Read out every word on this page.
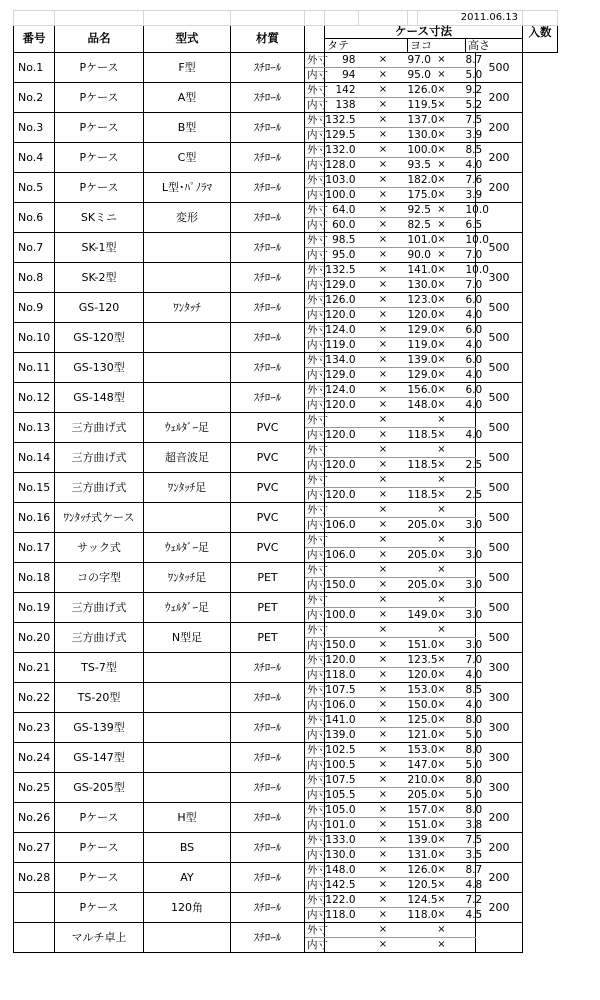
								2011.06.13			
番号	品名	型式	材質		ケース寸法						入数
					タテ		ヨコ		高さ		
No.1	Pケース	F型	ｽﾁﾛｰﾙ	外寸	98	×	97.0	×	8.7	500	
				内寸	94	×	95.0	×	5.0		
No.2	Pケース	A型	ｽﾁﾛｰﾙ	外寸	142	×	126.0	×	9.2	200	
				内寸	138	×	119.5	×	5.2		
No.3	Pケース	B型	ｽﾁﾛｰﾙ	外寸	132.5	×	137.0	×	7.5	200	
				内寸	129.5	×	130.0	×	3.9		
No.4	Pケース	C型	ｽﾁﾛｰﾙ	外寸	132.0	×	100.0	×	8.5	200	
				内寸	128.0	×	93.5	×	4.0		
No.5	Pケース	L型･ﾊﾟﾉﾗﾏ	ｽﾁﾛｰﾙ	外寸	103.0	×	182.0	×	7.6	200	
				内寸	100.0	×	175.0	×	3.9		
No.6	SKミニ	変形	ｽﾁﾛｰﾙ	外寸	64.0	×	92.5	×	10.0		
				内寸	60.0	×	82.5	×	6.5		
No.7	SK-1型		ｽﾁﾛｰﾙ	外寸	98.5	×	101.0	×	10.0	500	
				内寸	95.0	×	90.0	×	7.0		
No.8	SK-2型		ｽﾁﾛｰﾙ	外寸	132.5	×	141.0	×	10.0	300	
				内寸	129.0	×	130.0	×	7.0		
No.9	GS-120	ﾜﾝﾀｯﾁ	ｽﾁﾛｰﾙ	外寸	126.0	×	123.0	×	6.0	500	
				内寸	120.0	×	120.0	×	4.0		
No.10	GS-120型		ｽﾁﾛｰﾙ	外寸	124.0	×	129.0	×	6.0	500	
				内寸	119.0	×	119.0	×	4.0		
No.11	GS-130型		ｽﾁﾛｰﾙ	外寸	134.0	×	139.0	×	6.0	500	
				内寸	129.0	×	129.0	×	4.0		
No.12	GS-148型		ｽﾁﾛｰﾙ	外寸	124.0	×	156.0	×	6.0	500	
				内寸	120.0	×	148.0	×	4.0		
No.13	三方曲げ式	ｳｪﾙﾀﾞｰ足	PVC	外寸		×		×		500	
				内寸	120.0	×	118.5	×	4.0		
No.14	三方曲げ式	超音波足	PVC	外寸		×		×		500	
				内寸	120.0	×	118.5	×	2.5		
No.15	三方曲げ式	ﾜﾝﾀｯﾁ足	PVC	外寸		×		×		500	
				内寸	120.0	×	118.5	×	2.5		
No.16	ﾜﾝﾀｯﾁ式ケース		PVC	外寸		×		×		500	
				内寸	106.0	×	205.0	×	3.0		
No.17	サック式	ｳｪﾙﾀﾞｰ足	PVC	外寸		×		×		500	
				内寸	106.0	×	205.0	×	3.0		
No.18	コの字型	ﾜﾝﾀｯﾁ足	PET	外寸		×		×		500	
				内寸	150.0	×	205.0	×	3.0		
No.19	三方曲げ式	ｳｪﾙﾀﾞｰ足	PET	外寸		×		×		500	
				内寸	100.0	×	149.0	×	3.0		
No.20	三方曲げ式	N型足	PET	外寸		×		×		500	
				内寸	150.0	×	151.0	×	3.0		
No.21	TS-7型		ｽﾁﾛｰﾙ	外寸	120.0	×	123.5	×	7.0	300	
				内寸	118.0	×	120.0	×	4.0		
No.22	TS-20型		ｽﾁﾛｰﾙ	外寸	107.5	×	153.0	×	8.5	300	
				内寸	106.0	×	150.0	×	4.0		
No.23	GS-139型		ｽﾁﾛｰﾙ	外寸	141.0	×	125.0	×	8.0	300	
				内寸	139.0	×	121.0	×	5.0		
No.24	GS-147型		ｽﾁﾛｰﾙ	外寸	102.5	×	153.0	×	8.0	300	
				内寸	100.5	×	147.0	×	5.0		
No.25	GS-205型		ｽﾁﾛｰﾙ	外寸	107.5	×	210.0	×	8.0	300	
				内寸	105.5	×	205.0	×	5.0		
No.26	Pケース	H型	ｽﾁﾛｰﾙ	外寸	105.0	×	157.0	×	8.0	200	
				内寸	101.0	×	151.0	×	3.8		
No.27	Pケース	BS	ｽﾁﾛｰﾙ	外寸	133.0	×	139.0	×	7.5	200	
				内寸	130.0	×	131.0	×	3.5		
No.28	Pケース	AY	ｽﾁﾛｰﾙ	外寸	148.0	×	126.0	×	8.7	200	
				内寸	142.5	×	120.5	×	4.8		
	Pケース	120角	ｽﾁﾛｰﾙ	外寸	122.0	×	124.5	×	7.2	200	
				内寸	118.0	×	118.0	×	4.5		
	マルチ卓上		ｽﾁﾛｰﾙ	外寸		×		×			
				内寸		×		×			
